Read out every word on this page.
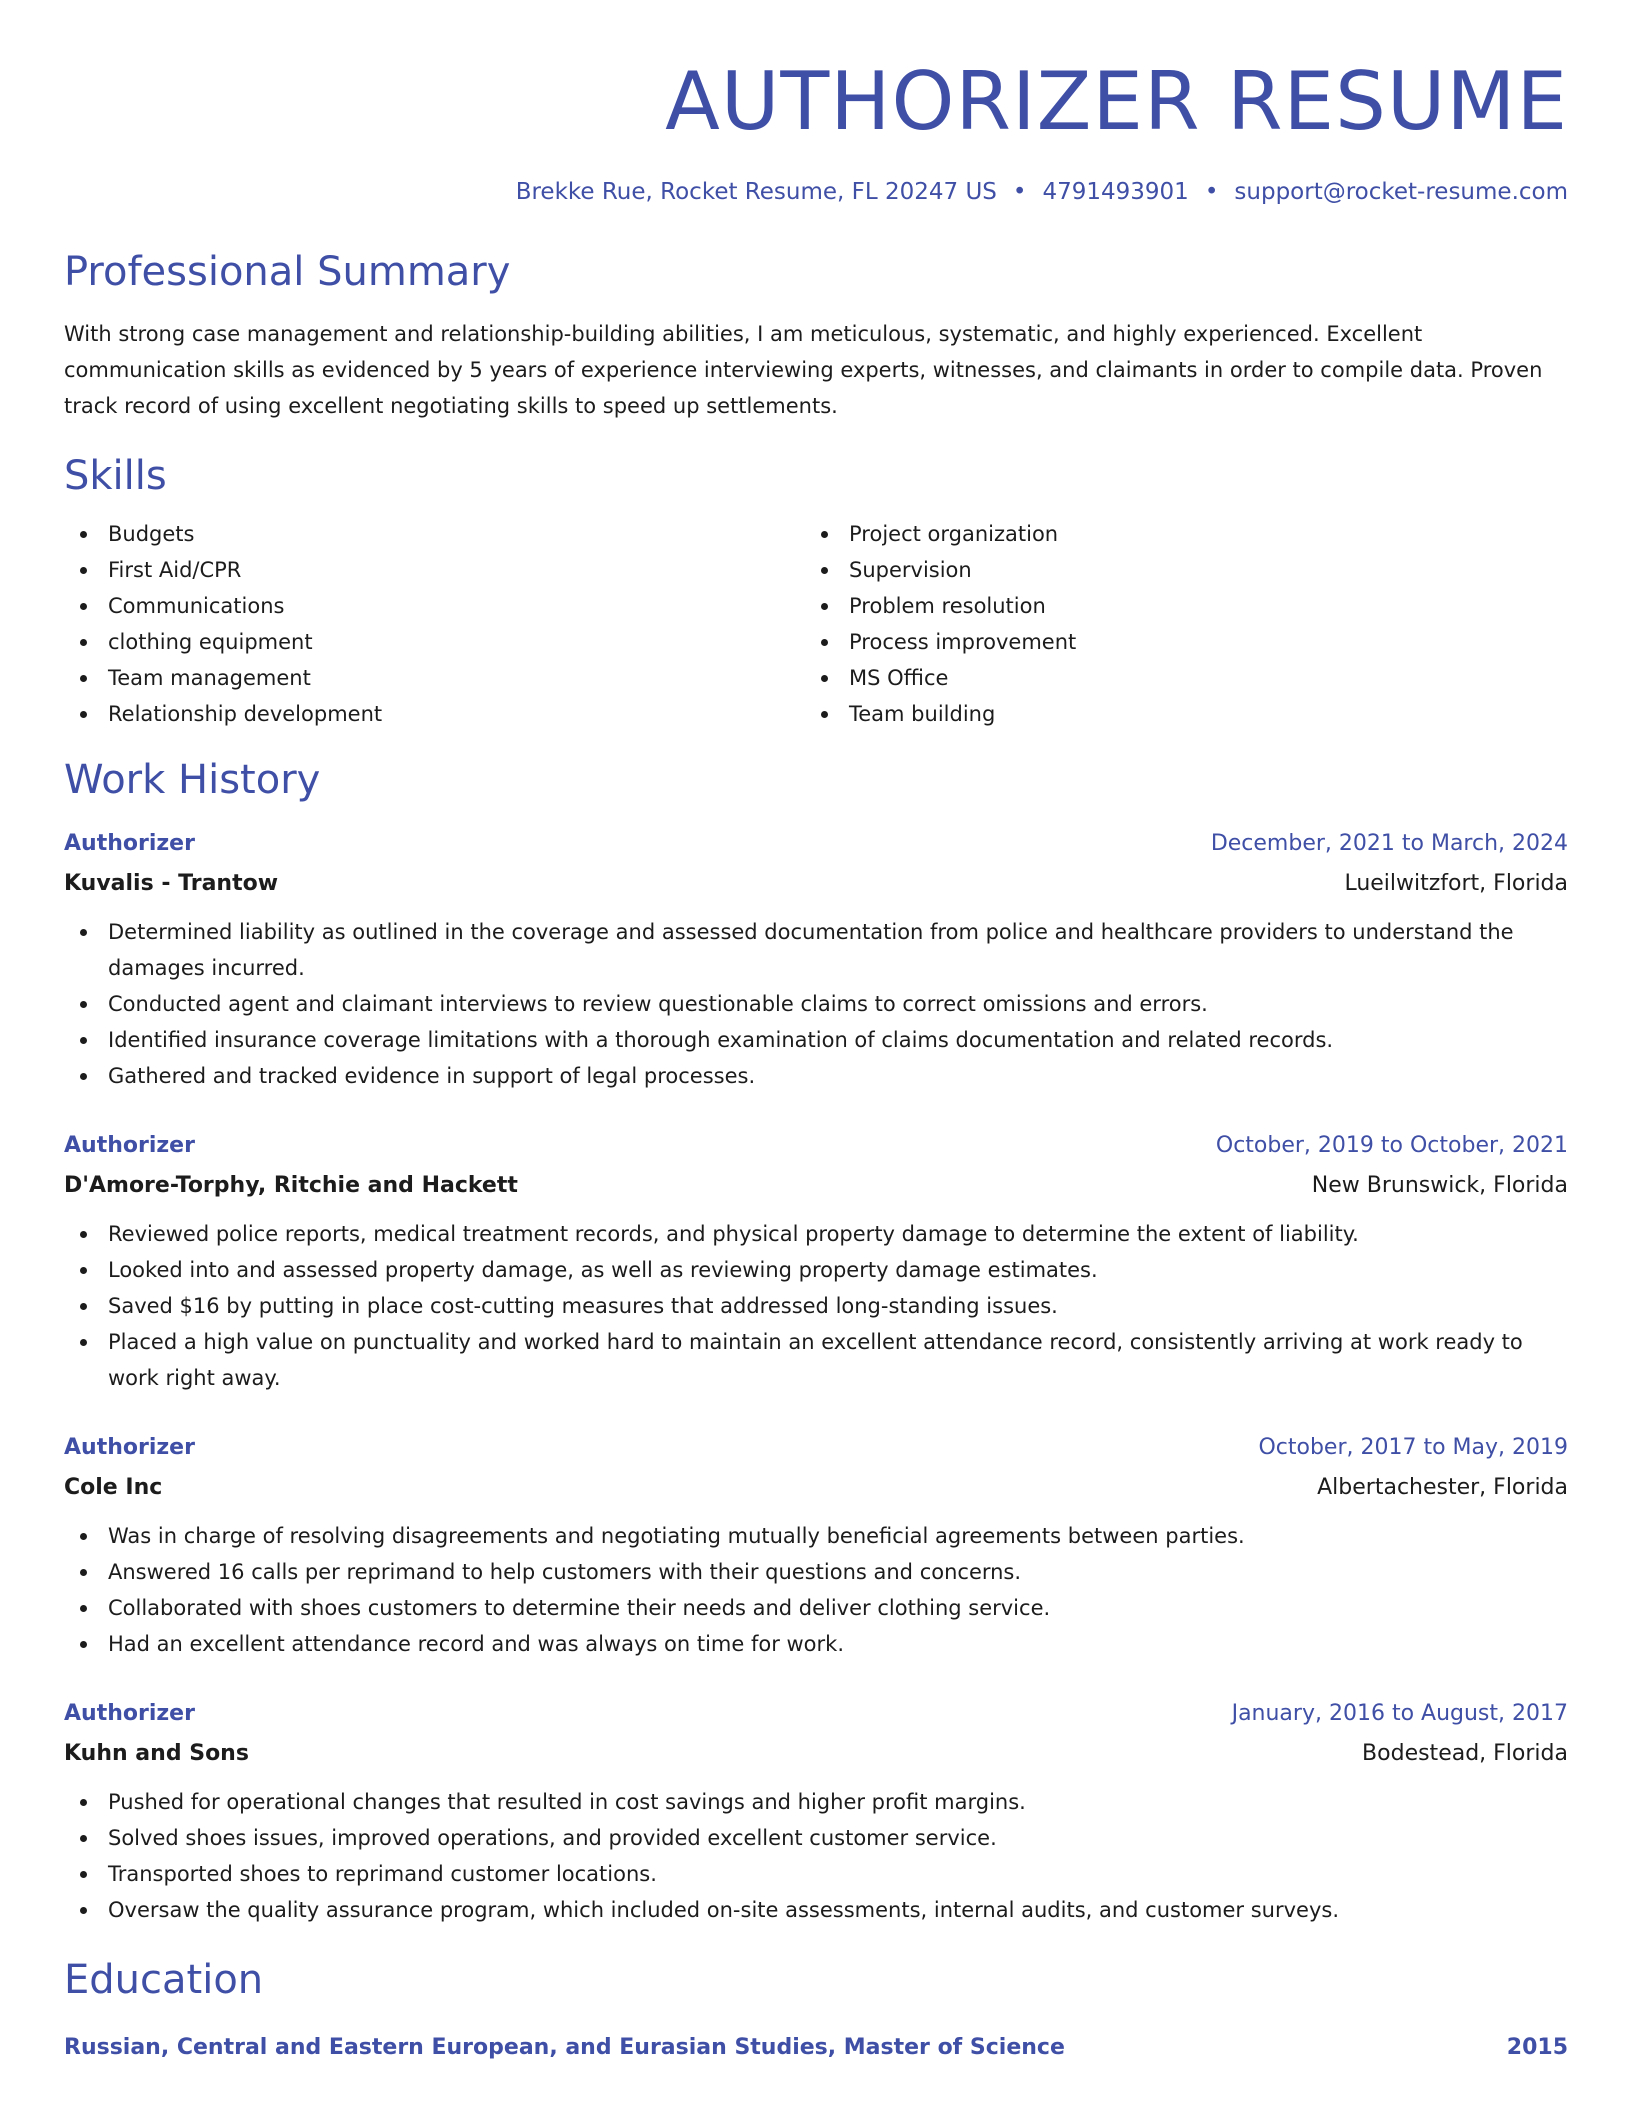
AUTHORIZER RESUME
Brekke Rue, Rocket Resume, FL 20247 US • 4791493901 • support@rocket-resume.com
Professional Summary
With strong case management and relationship-building abilities, I am meticulous, systematic, and highly experienced. Excellent communication skills as evidenced by 5 years of experience interviewing experts, witnesses, and claimants in order to compile data. Proven track record of using excellent negotiating skills to speed up settlements.
Skills
Budgets
First Aid/CPR
Communications
clothing equipment
Team management
Relationship development
Project organization
Supervision
Problem resolution
Process improvement
MS Office
Team building
Work History
Authorizer	December, 2021 to March, 2024
Kuvalis - Trantow	Lueilwitzfort, Florida
Determined liability as outlined in the coverage and assessed documentation from police and healthcare providers to understand the damages incurred.
Conducted agent and claimant interviews to review questionable claims to correct omissions and errors.
Identified insurance coverage limitations with a thorough examination of claims documentation and related records.
Gathered and tracked evidence in support of legal processes.
Authorizer	October, 2019 to October, 2021
D'Amore-Torphy, Ritchie and Hackett	New Brunswick, Florida
Reviewed police reports, medical treatment records, and physical property damage to determine the extent of liability.
Looked into and assessed property damage, as well as reviewing property damage estimates.
Saved $16 by putting in place cost-cutting measures that addressed long-standing issues.
Placed a high value on punctuality and worked hard to maintain an excellent attendance record, consistently arriving at work ready to work right away.
Authorizer	October, 2017 to May, 2019
Cole Inc	Albertachester, Florida
Was in charge of resolving disagreements and negotiating mutually beneficial agreements between parties.
Answered 16 calls per reprimand to help customers with their questions and concerns.
Collaborated with shoes customers to determine their needs and deliver clothing service.
Had an excellent attendance record and was always on time for work.
Authorizer	January, 2016 to August, 2017
Kuhn and Sons	Bodestead, Florida
Pushed for operational changes that resulted in cost savings and higher profit margins.
Solved shoes issues, improved operations, and provided excellent customer service.
Transported shoes to reprimand customer locations.
Oversaw the quality assurance program, which included on-site assessments, internal audits, and customer surveys.
Education
Russian, Central and Eastern European, and Eurasian Studies, Master of Science	2015
